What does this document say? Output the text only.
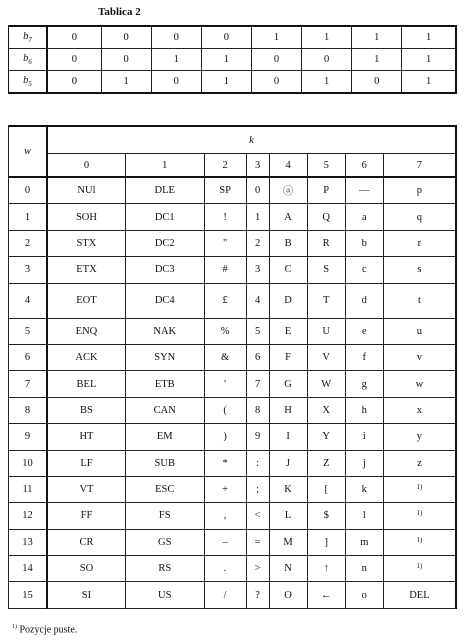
Tablica 2
$b_7$	0	0	0	0	1	1	1	1
$b_6$	0	0	1	1	0	0	1	1
$b_5$	0	1	0	1	0	1	0	1
w	k							
	0	1	2	3	4	5	6	7
0	NUl	DLE	SP	0	ⓐ	P	—	p
1	SOH	DC1	!	1	A	Q	a	q
2	STX	DC2	"	2	B	R	b	r
3	ETX	DC3	#	3	C	S	c	s
4	EOT	DC4	£	4	D	T	d	t
5	ENQ	NAK	%	5	E	U	e	u
6	ACK	SYN	&	6	F	V	f	v
7	BEL	ETB	'	7	G	W	g	w
8	BS	CAN	(	8	H	X	h	x
9	HT	EM	)	9	I	Y	i	y
10	LF	SUB	*	:	J	Z	j	z
11	VT	ESC	+	;	K	[	k	$^{1)}$
12	FF	FS	,	<	L	$	l	$^{1)}$
13	CR	GS	–	=	M	]	m	$^{1)}$
14	SO	RS	.	>	N	↑	n	$^{1)}$
15	SI	US	/	?	O	←	o	DEL
$^{1)}$ Pozycje puste.
